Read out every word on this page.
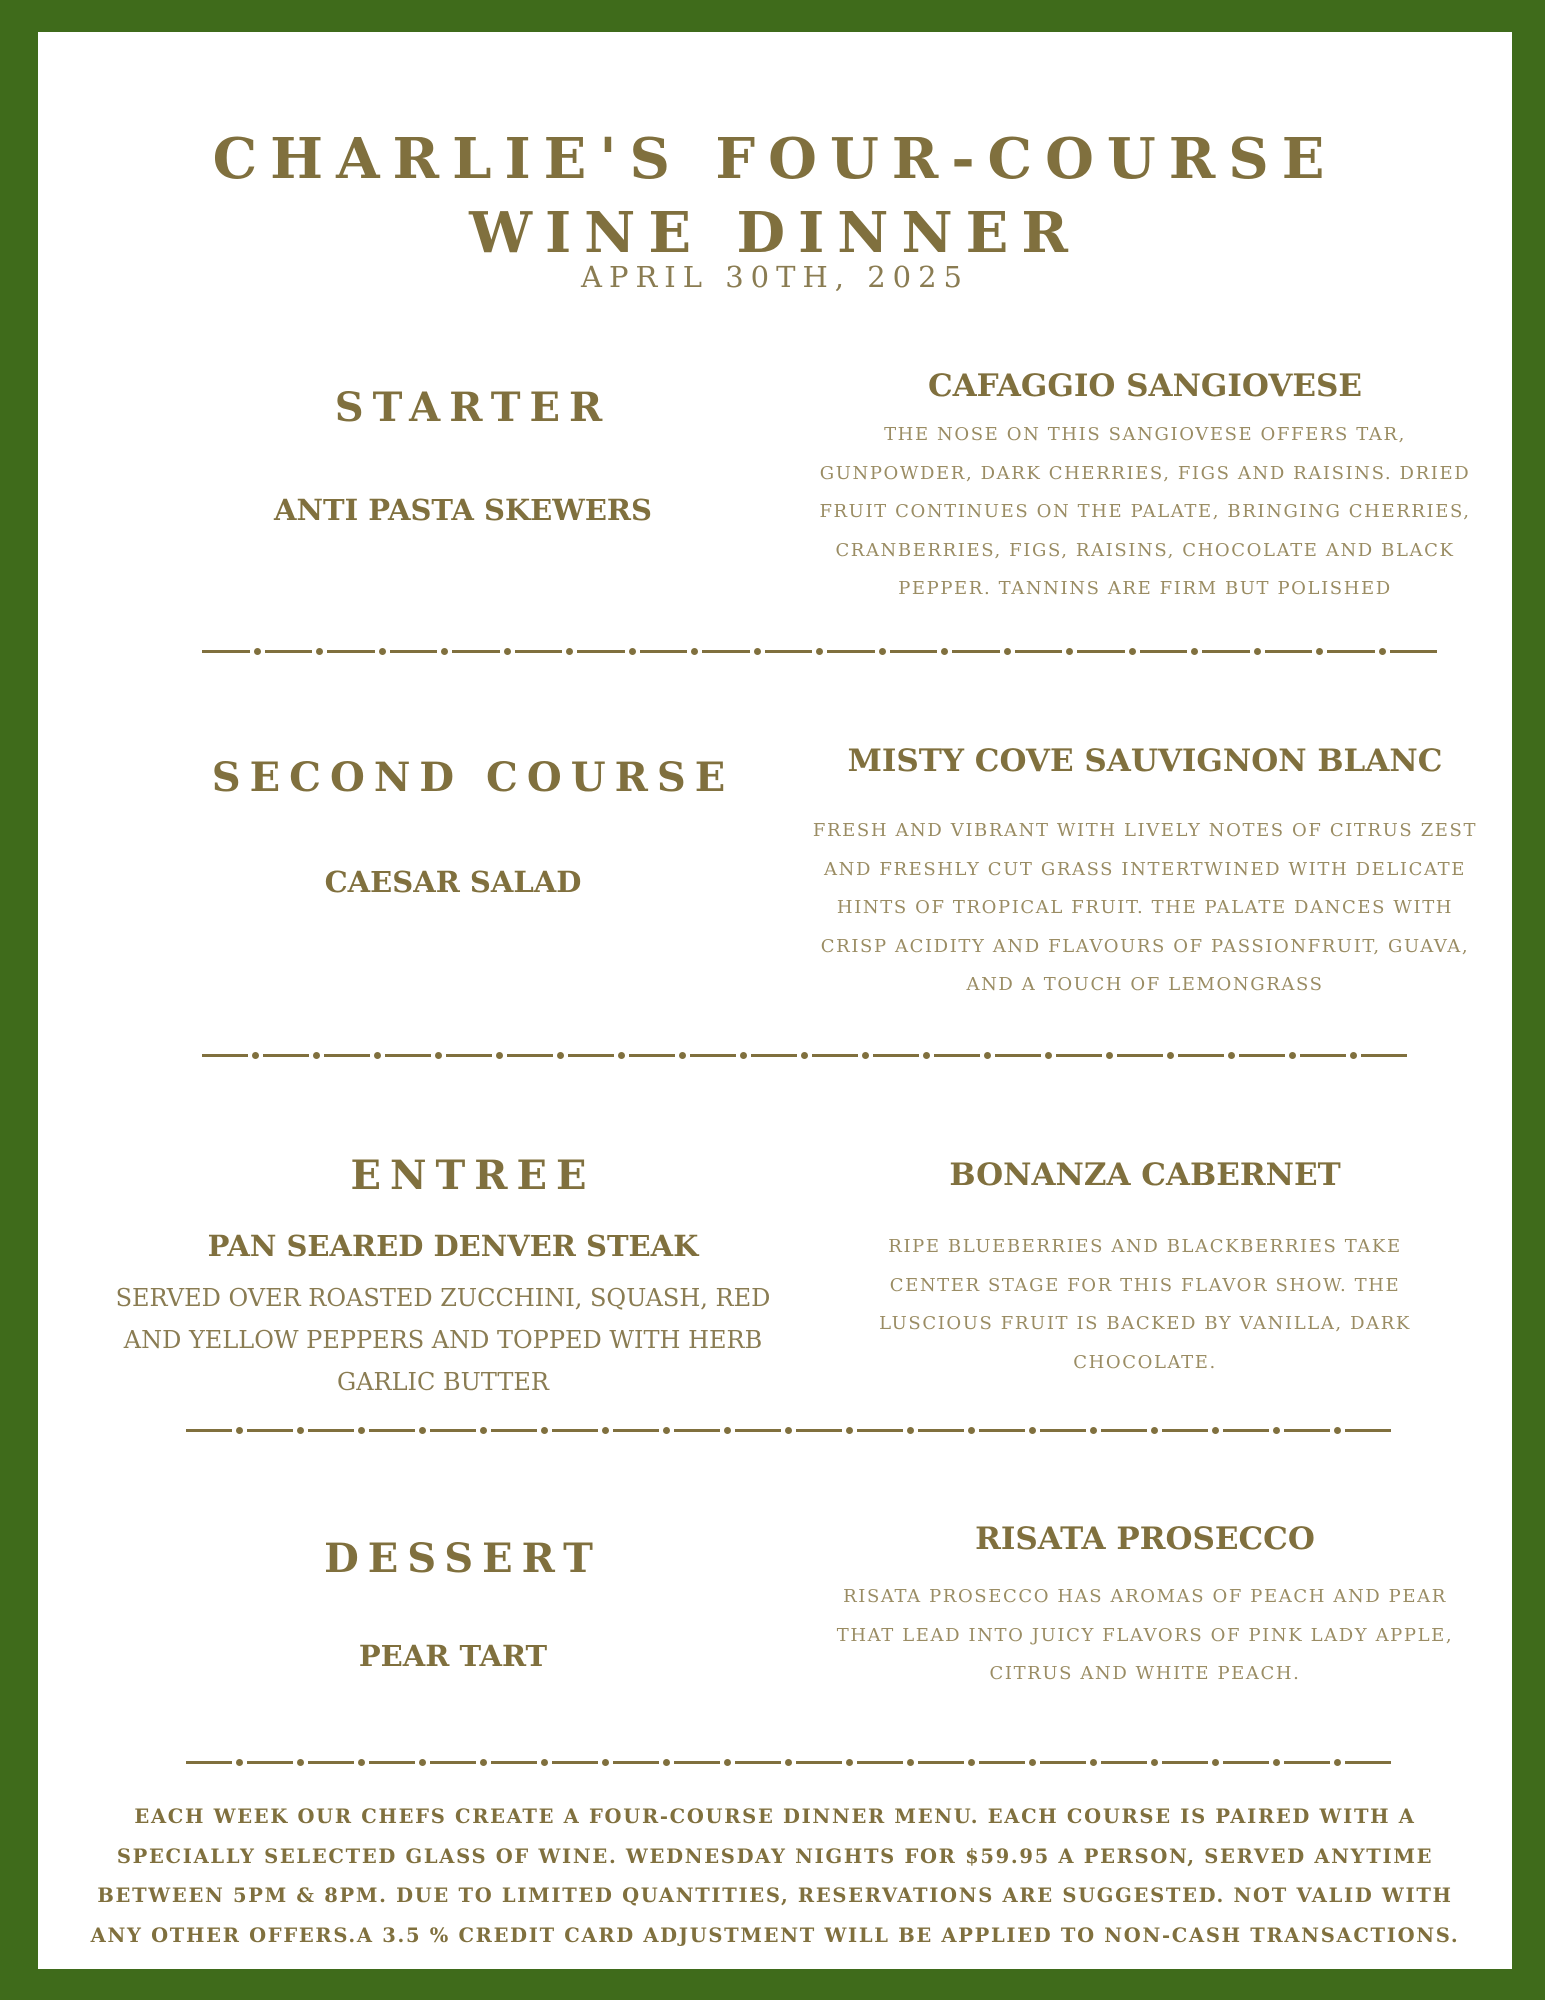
CHARLIE'S FOUR-COURSE
WINE DINNER
APRIL 30TH, 2025
STARTER
ANTI PASTA SKEWERS
CAFAGGIO SANGIOVESE
THE NOSE ON THIS SANGIOVESE OFFERS TAR, GUNPOWDER, DARK CHERRIES, FIGS AND RAISINS. DRIED FRUIT CONTINUES ON THE PALATE, BRINGING CHERRIES, CRANBERRIES, FIGS, RAISINS, CHOCOLATE AND BLACK PEPPER. TANNINS ARE FIRM BUT POLISHED
SECOND COURSE
CAESAR SALAD
MISTY COVE SAUVIGNON BLANC
FRESH AND VIBRANT WITH LIVELY NOTES OF CITRUS ZEST AND FRESHLY CUT GRASS INTERTWINED WITH DELICATE HINTS OF TROPICAL FRUIT. THE PALATE DANCES WITH CRISP ACIDITY AND FLAVOURS OF PASSIONFRUIT, GUAVA, AND A TOUCH OF LEMONGRASS
ENTREE
PAN SEARED DENVER STEAK
SERVED OVER ROASTED ZUCCHINI, SQUASH, RED AND YELLOW PEPPERS AND TOPPED WITH HERB GARLIC BUTTER
BONANZA CABERNET
RIPE BLUEBERRIES AND BLACKBERRIES TAKE CENTER STAGE FOR THIS FLAVOR SHOW. THE LUSCIOUS FRUIT IS BACKED BY VANILLA, DARK CHOCOLATE.
DESSERT
PEAR TART
RISATA PROSECCO
RISATA PROSECCO HAS AROMAS OF PEACH AND PEAR THAT LEAD INTO JUICY FLAVORS OF PINK LADY APPLE, CITRUS AND WHITE PEACH.
EACH WEEK OUR CHEFS CREATE A FOUR-COURSE DINNER MENU. EACH COURSE IS PAIRED WITH A SPECIALLY SELECTED GLASS OF WINE. WEDNESDAY NIGHTS FOR $59.95 A PERSON, SERVED ANYTIME BETWEEN 5PM & 8PM. DUE TO LIMITED QUANTITIES, RESERVATIONS ARE SUGGESTED. NOT VALID WITH ANY OTHER OFFERS.A 3.5 % CREDIT CARD ADJUSTMENT WILL BE APPLIED TO NON-CASH TRANSACTIONS.
